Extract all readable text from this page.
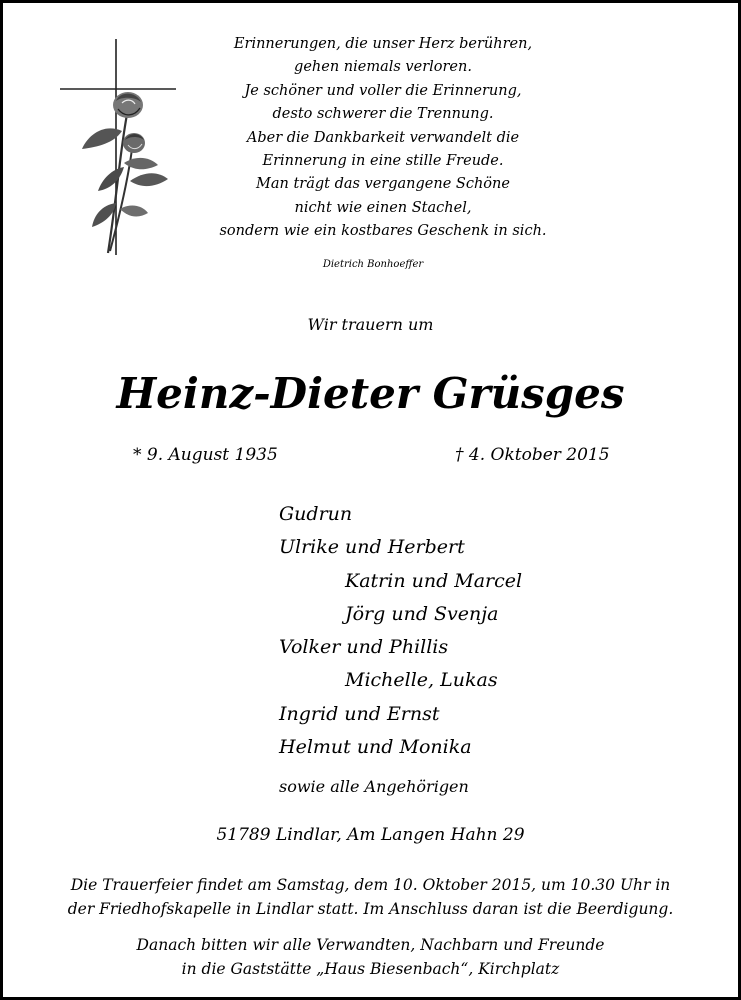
Erinnerungen, die unser Herz berühren,
gehen niemals verloren.
Je schöner und voller die Erinnerung,
desto schwerer die Trennung.
Aber die Dankbarkeit verwandelt die
Erinnerung in eine stille Freude.
Man trägt das vergangene Schöne
nicht wie einen Stachel,
sondern wie ein kostbares Geschenk in sich.
Dietrich Bonhoeffer
Wir trauern um
Heinz-Dieter Grüsges
* 9. August 1935	† 4. Oktober 2015
Gudrun
Ulrike und Herbert
Katrin und Marcel
Jörg und Svenja
Volker und Phillis
Michelle, Lukas
Ingrid und Ernst
Helmut und Monika
sowie alle Angehörigen
51789 Lindlar, Am Langen Hahn 29
Die Trauerfeier findet am Samstag, dem 10. Oktober 2015, um 10.30 Uhr in
der Friedhofskapelle in Lindlar statt. Im Anschluss daran ist die Beerdigung.
Danach bitten wir alle Verwandten, Nachbarn und Freunde
in die Gaststätte „Haus Biesenbach“, Kirchplatz
